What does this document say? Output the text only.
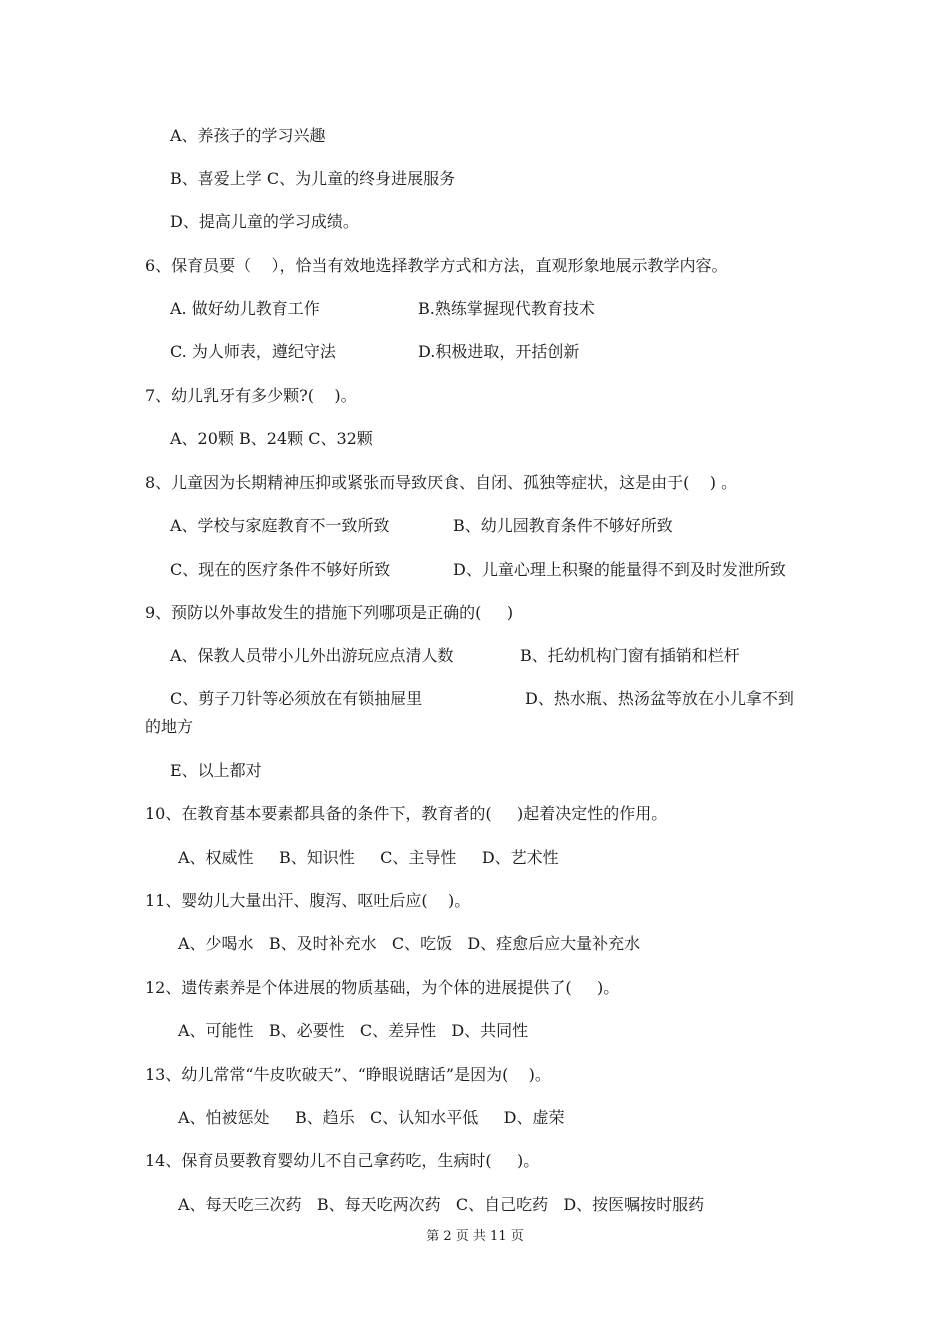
A、养孩子的学习兴趣
B、喜爱上学 C、为儿童的终身进展服务
D、提高儿童的学习成绩。
6、保育员要（    ），恰当有效地选择教学方式和方法，直观形象地展示教学内容。
A. 做好幼儿教育工作	B.熟练掌握现代教育技术
C. 为人师表，遵纪守法	D.积极进取，开括创新
7、幼儿乳牙有多少颗?(    )。
A、20颗 B、24颗 C、32颗
8、儿童因为长期精神压抑或紧张而导致厌食、自闭、孤独等症状，这是由于(    ) 。
A、学校与家庭教育不一致所致	B、幼儿园教育条件不够好所致
C、现在的医疗条件不够好所致	D、儿童心理上积聚的能量得不到及时发泄所致
9、预防以外事故发生的措施下列哪项是正确的(     )
A、保教人员带小儿外出游玩应点清人数	B、托幼机构门窗有插销和栏杆
C、剪子刀针等必须放在有锁抽屉里	D、热水瓶、热汤盆等放在小儿拿不到
的地方
E、以上都对
10、在教育基本要素都具备的条件下，教育者的(     )起着决定性的作用。
A、权威性     B、知识性     C、主导性     D、艺术性
11、婴幼儿大量出汗、腹泻、呕吐后应(    )。
A、少喝水   B、及时补充水   C、吃饭   D、痊愈后应大量补充水
12、遗传素养是个体进展的物质基础，为个体的进展提供了(     )。
A、可能性   B、必要性   C、差异性   D、共同性
13、幼儿常常“牛皮吹破天”、“睁眼说瞎话”是因为(    )。
A、怕被惩处     B、趋乐   C、认知水平低     D、虚荣
14、保育员要教育婴幼儿不自己拿药吃，生病时(     )。
A、每天吃三次药   B、每天吃两次药   C、自己吃药   D、按医嘱按时服药
第 2 页 共 11 页
